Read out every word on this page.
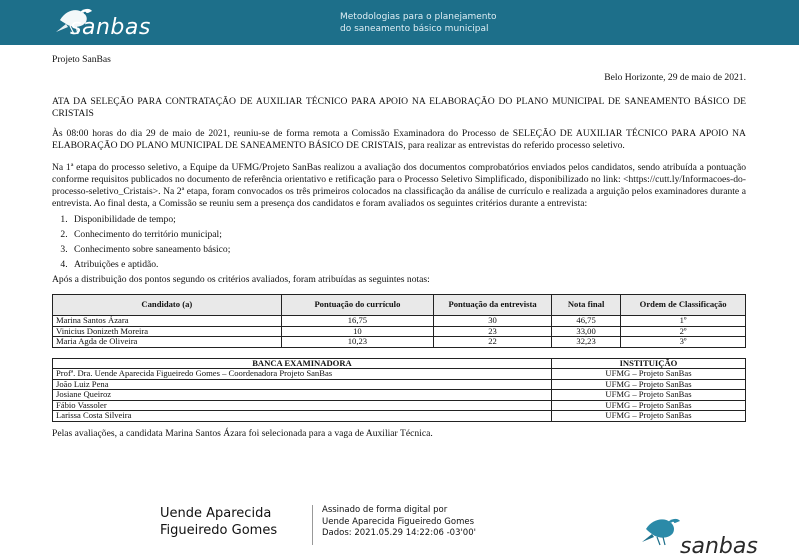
sanbas	Metodologias para o planejamento
do saneamento básico municipal

Projeto SanBas

Belo Horizonte, 29 de maio de 2021.

ATA DA SELEÇÃO PARA CONTRATAÇÃO DE AUXILIAR TÉCNICO PARA APOIO NA ELABORAÇÃO DO PLANO MUNICIPAL DE SANEAMENTO BÁSICO DE CRISTAIS

Às 08:00 horas do dia 29 de maio de 2021, reuniu-se de forma remota a Comissão Examinadora do Processo de SELEÇÃO DE AUXILIAR TÉCNICO PARA APOIO NA ELABORAÇÃO DO PLANO MUNICIPAL DE SANEAMENTO BÁSICO DE CRISTAIS, para realizar as entrevistas do referido processo seletivo.

Na 1ª etapa do processo seletivo, a Equipe da UFMG/Projeto SanBas realizou a avaliação dos documentos comprobatórios enviados pelos candidatos, sendo atribuída a pontuação conforme requisitos publicados no documento de referência orientativo e retificação para o Processo Seletivo Simplificado, disponibilizado no link: <https://cutt.ly/Informacoes-do-processo-seletivo_Cristais>. Na 2ª etapa, foram convocados os três primeiros colocados na classificação da análise de currículo e realizada a arguição pelos examinadores durante a entrevista. Ao final desta, a Comissão se reuniu sem a presença dos candidatos e foram avaliados os seguintes critérios durante a entrevista:

1. Disponibilidade de tempo;
2. Conhecimento do território municipal;
3. Conhecimento sobre saneamento básico;
4. Atribuições e aptidão.

Após a distribuição dos pontos segundo os critérios avaliados, foram atribuídas as seguintes notas:

Candidato (a)	Pontuação do currículo	Pontuação da entrevista	Nota final	Ordem de Classificação
Marina Santos Ázara	16,75	30	46,75	1º
Vinicius Donizeth Moreira	10	23	33,00	2º
Maria Agda de Oliveira	10,23	22	32,23	3º
BANCA EXAMINADORA	INSTITUIÇÃO
Profª. Dra. Uende Aparecida Figueiredo Gomes – Coordenadora Projeto SanBas	UFMG – Projeto SanBas
João Luiz Pena	UFMG – Projeto SanBas
Josiane Queiroz	UFMG – Projeto SanBas
Fábio Vassoler	UFMG – Projeto SanBas
Larissa Costa Silveira	UFMG – Projeto SanBas

Pelas avaliações, a candidata Marina Santos Ázara foi selecionada para a vaga de Auxiliar Técnica.

Uende Aparecida
Figueiredo Gomes
Assinado de forma digital por
Uende Aparecida Figueiredo Gomes
Dados: 2021.05.29 14:22:06 -03'00'
sanbas
